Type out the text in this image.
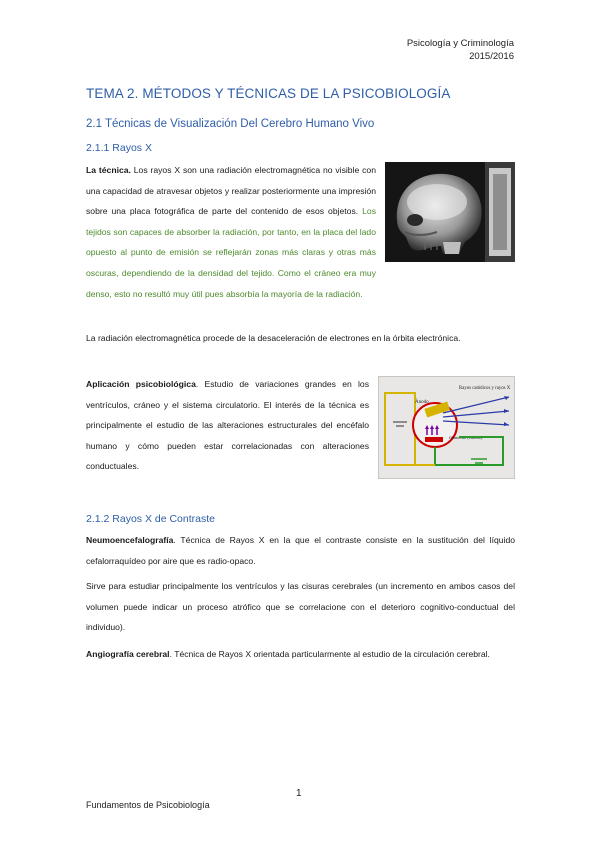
Psicología y Criminología
2015/2016
TEMA 2. MÉTODOS Y TÉCNICAS DE LA PSICOBIOLOGÍA
2.1 Técnicas de Visualización Del Cerebro Humano Vivo
2.1.1 Rayos X
La técnica. Los rayos X son una radiación electromagnética no visible con una capacidad de atravesar objetos y realizar posteriormente una impresión sobre una placa fotográfica de parte del contenido de esos objetos. Los tejidos son capaces de absorber la radiación, por tanto, en la placa del lado opuesto al punto de emisión se reflejarán zonas más claras y otras más oscuras, dependiendo de la densidad del tejido. Como el cráneo era muy denso, esto no resultó muy útil pues absorbía la mayoría de la radiación.
La radiación electromagnética procede de la desaceleración de electrones en la órbita electrónica.
Aplicación psicobiológica. Estudio de variaciones grandes en los ventrículos, cráneo y el sistema circulatorio. El interés de la técnica es principalmente el estudio de las alteraciones estructurales del encéfalo humano y cómo pueden estar correlacionadas con alteraciones conductuales.
Ánodo
filamento (cátodo)
Rayos catódicos y rayos X
2.1.2 Rayos X de Contraste
Neumoencefalografía. Técnica de Rayos X en la que el contraste consiste en la sustitución del líquido cefalorraquídeo por aire que es radio-opaco.
Sirve para estudiar principalmente los ventrículos y las cisuras cerebrales (un incremento en ambos casos del volumen puede indicar un proceso atrófico que se correlacione con el deterioro cognitivo-conductual del individuo).
Angiografía cerebral. Técnica de Rayos X orientada particularmente al estudio de la circulación cerebral.
1
Fundamentos de Psicobiología
